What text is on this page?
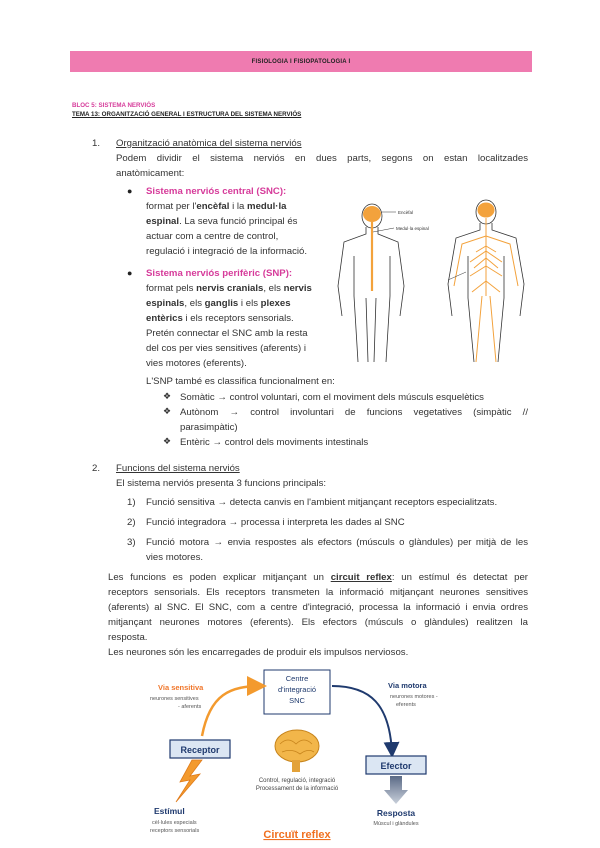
FISIOLOGIA I FISIOPATOLOGIA I
BLOC 5: SISTEMA NERVIÓS
TEMA 13: ORGANITZACIÓ GENERAL I ESTRUCTURA DEL SISTEMA NERVIÓS
1. Organització anatòmica del sistema nerviós
Podem dividir el sistema nerviós en dues parts, segons on estan localitzades
anatòmicament:
● Sistema nerviós central (SNC):
format per l'encèfal i la medul·la
espinal. La seva funció principal és
actuar com a centre de control,
regulació i integració de la informació.
● Sistema nerviós perifèric (SNP):
format pels nervis cranials, els nervis
espinals, els ganglis i els plexes
entèrics i els receptors sensorials.
Pretén connectar el SNC amb la resta
del cos per vies sensitives (aferents) i
vies motores (eferents).
Encèfal
Medul·la espinal
L'SNP també es classifica funcionalment en:
❖ Somàtic → control voluntari, com el moviment dels músculs esquelètics
❖ Autònom → control involuntari de funcions vegetatives (simpàtic //
parasimpàtic)
❖ Entèric → control dels moviments intestinals
2. Funcions del sistema nerviós
El sistema nerviós presenta 3 funcions principals:
1) Funció sensitiva → detecta canvis en l'ambient mitjançant receptors especialitzats.
2) Funció integradora → processa i interpreta les dades al SNC
3) Funció motora → envia respostes als efectors (músculs o glàndules) per mitjà de les
vies motores.
Les funcions es poden explicar mitjançant un circuit reflex: un estímul és detectat per
receptors sensorials. Els receptors transmeten la informació mitjançant neurones sensitives
(aferents) al SNC. El SNC, com a centre d'integració, processa la informació i envia ordres
mitjançant neurones motores (eferents). Els efectors (músculs o glàndules) realitzen la
resposta.
Les neurones són les encarregades de produir els impulsos nerviosos.
Centre
d'integració
SNC
Via sensitiva
neurones sensitives
- aferents
Via motora
neurones motores -
eferents
Receptor
Control, regulació, integració
Processament de la informació
Efector
Estímul
cèl·lules especials
receptors sensorials
Resposta
Múscul i glàndules
Circuït reflex
